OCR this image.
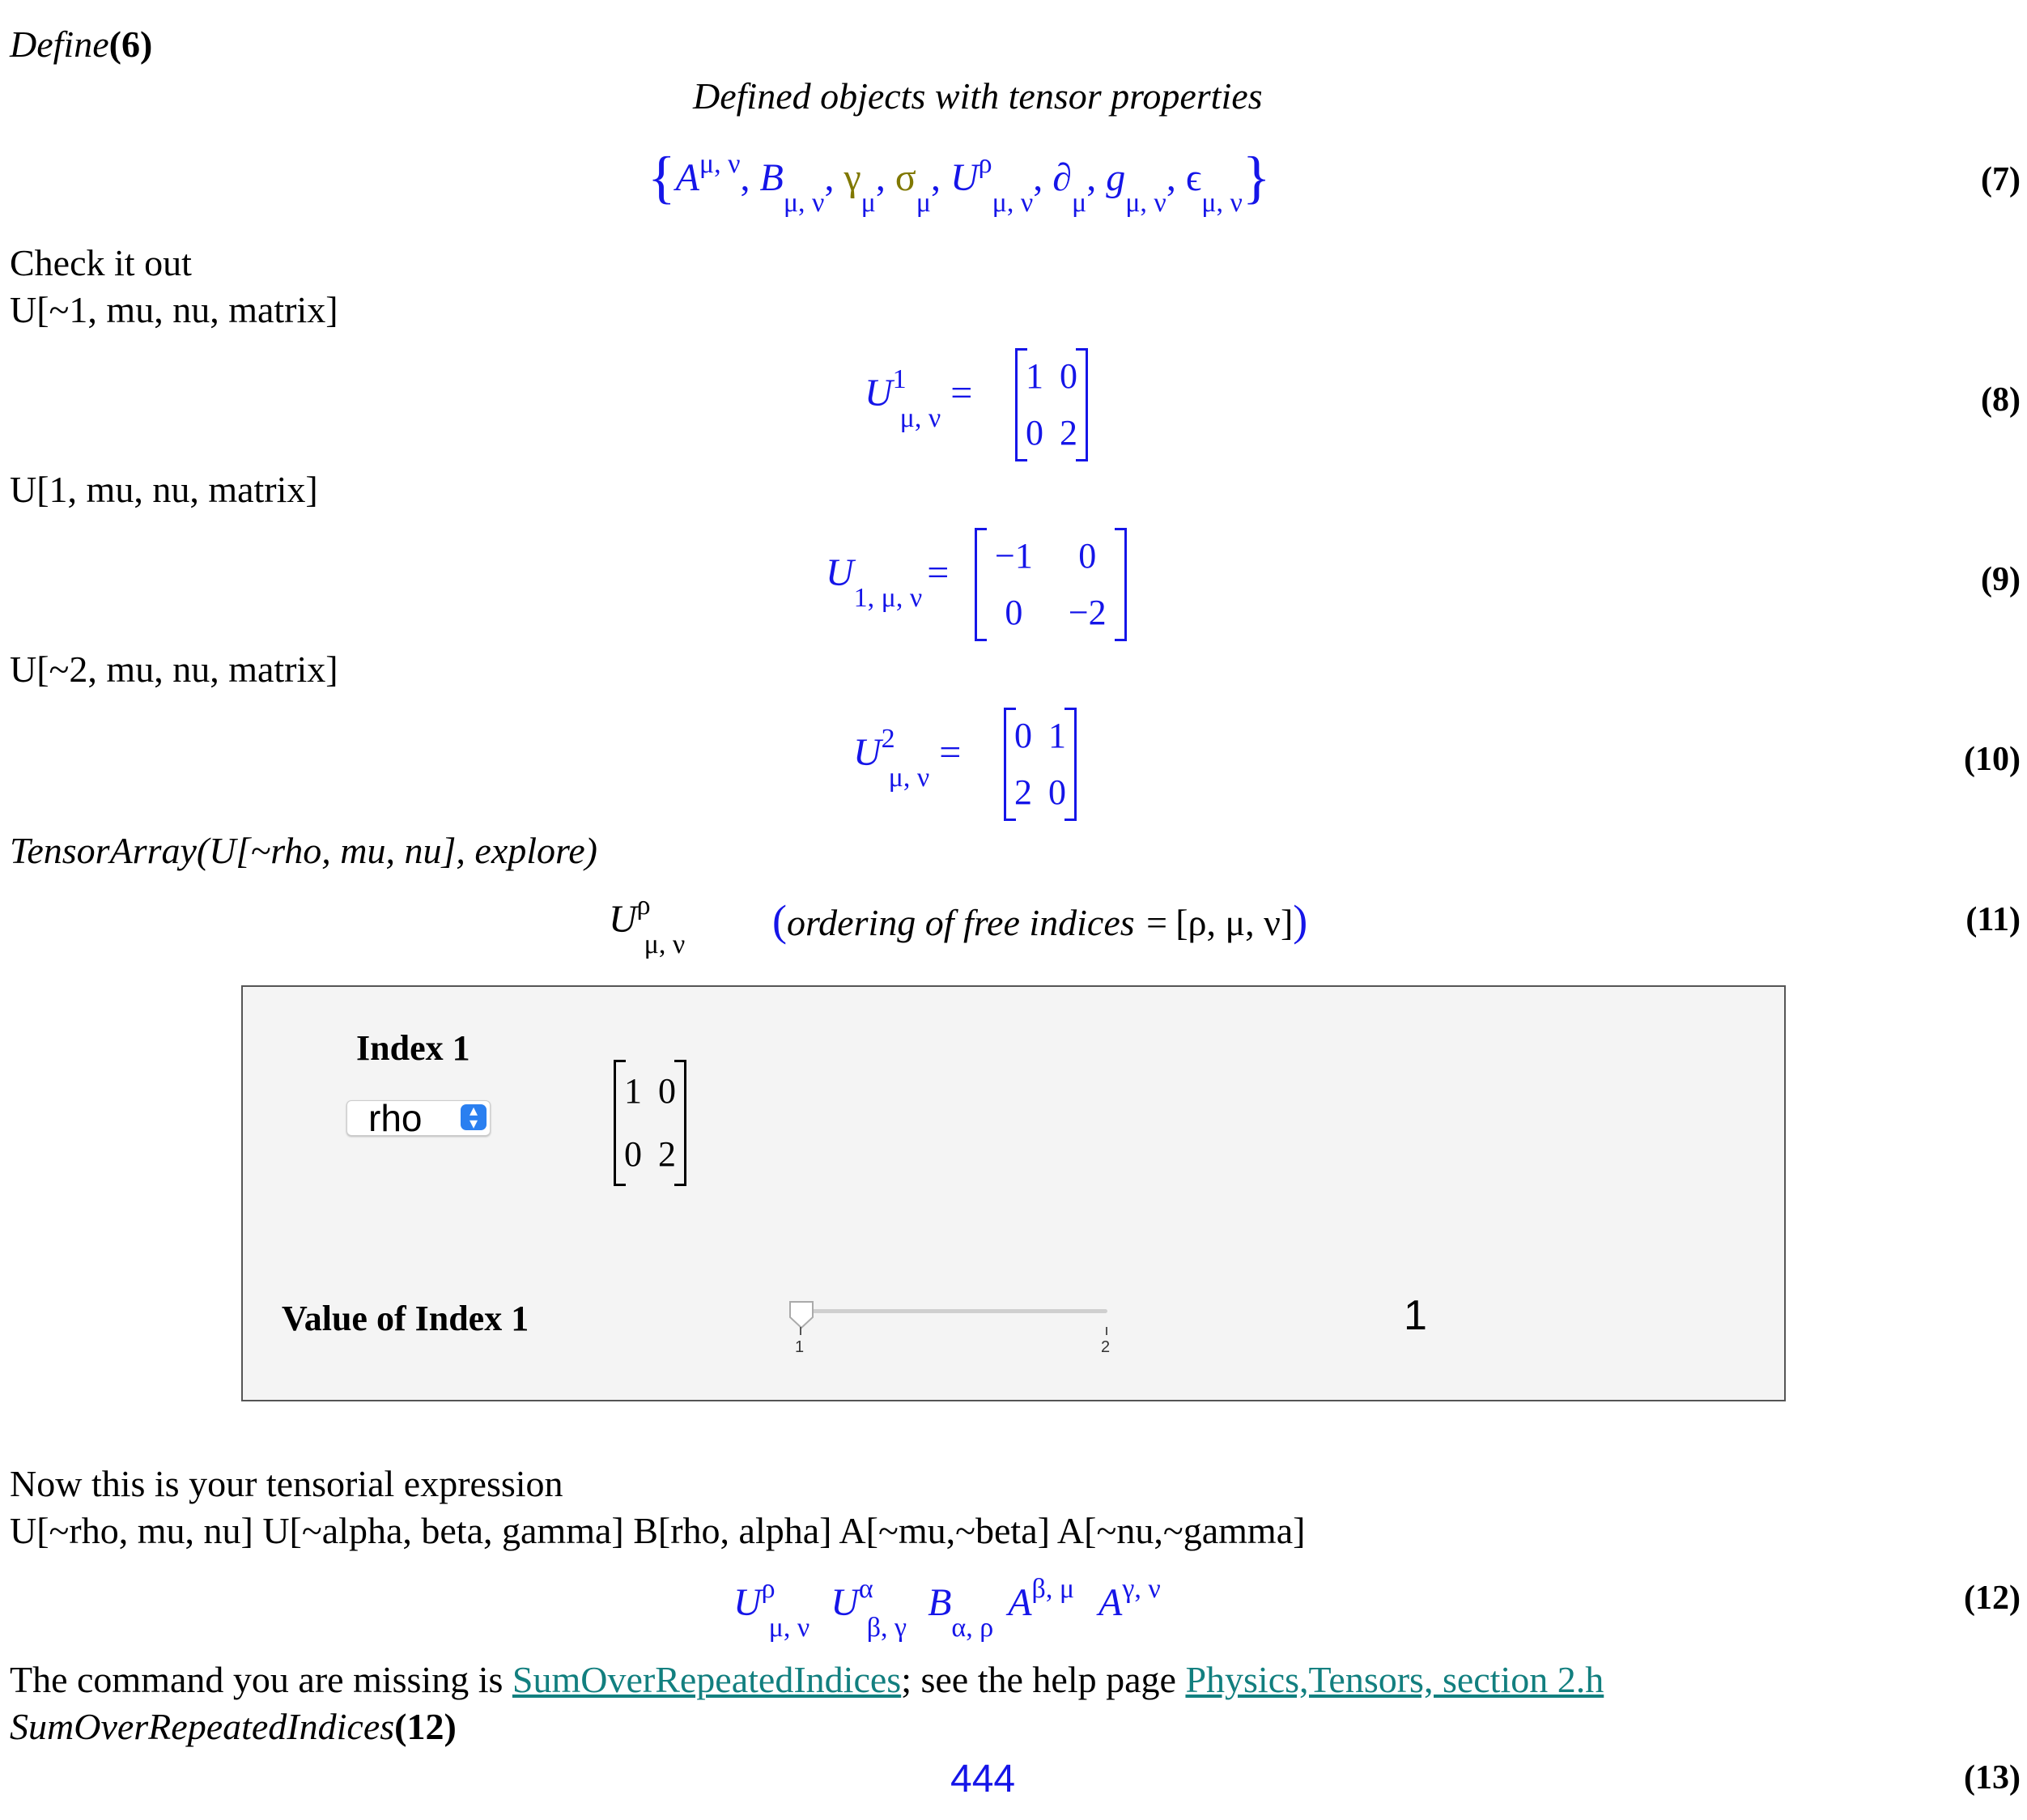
Define(6)
Defined objects with tensor properties
{$A^{\mu, \nu}$, $B_{\mu, \nu}$, $\gamma_\mu$, $\sigma_\mu$, $U^\rho_{\mu, \nu}$, $\partial_\mu$, $g_{\mu, \nu}$, $\epsilon_{\mu, \nu}$}	(7)
Check it out
U[~1, mu, nu, matrix]
$U^1_{\mu, \nu}= 1$	0
0	2
(8)
U[1, mu, nu, matrix]
$U_{1, \mu, \nu}= -1$	0
0	−2
(9)
U[~2, mu, nu, matrix]
$U^2_{\mu, \nu}= 0$	1
2	0
(10)
TensorArray(U[~rho, mu, nu], explore)
$U^\rho_{\mu, \nu}$ (ordering of free indices = [ρ, μ, ν])	(11)
Index 1
rho	▴
▾
1	0
0	2
Value of Index 1
1	2
1
Now this is your tensorial expression
U[~rho, mu, nu] U[~alpha, beta, gamma] B[rho, alpha] A[~mu,~beta] A[~nu,~gamma]
$U^\rho_{\mu, \nu}$ $U^\alpha_{\beta, \gamma}$ $B_{\alpha, \rho}$ $A^{\beta, \mu}$ $A^{\gamma, \nu}$	(12)
The command you are missing is SumOverRepeatedIndices; see the help page Physics,Tensors, section 2.h
SumOverRepeatedIndices(12)
444	(13)
